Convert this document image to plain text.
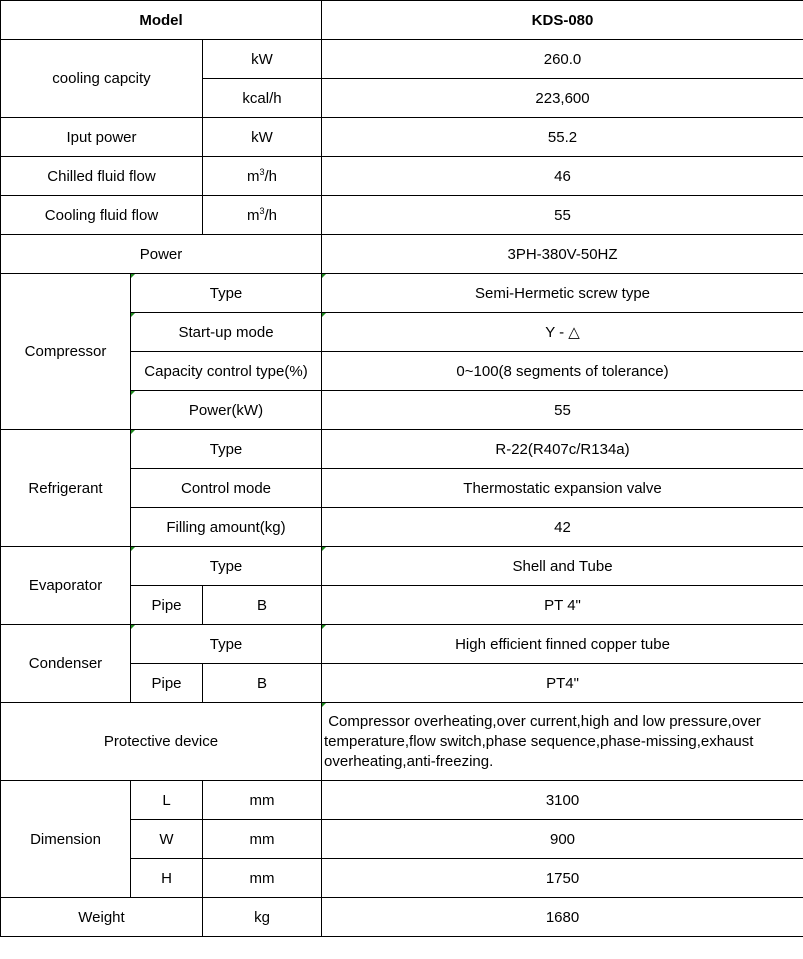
Model			KDS-080
cooling capcity		kW	260.0
		kcal/h	223,600
Iput power		kW	55.2
Chilled fluid flow		$m^3/h$	46
Cooling fluid flow		$m^3/h$	55
Power			3PH-380V-50HZ
Compressor	Type		Semi-Hermetic screw type
	Start-up mode		Y - △
	Capacity control type(%)		0~100(8 segments of tolerance)
	Power(kW)		55
Refrigerant	Type		R-22(R407c/R134a)
	Control mode		Thermostatic expansion valve
	Filling amount(kg)		42
Evaporator	Type		Shell and Tube
	Pipe	B	PT 4"
Condenser	Type		High efficient finned copper tube
	Pipe	B	PT4"
Protective device			Compressor overheating,over current,high and low pressure,over temperature,flow switch,phase sequence,phase-missing,exhaust overheating,anti-freezing.
Dimension	L	mm	3100
	W	mm	900
	H	mm	1750
Weight		kg	1680
